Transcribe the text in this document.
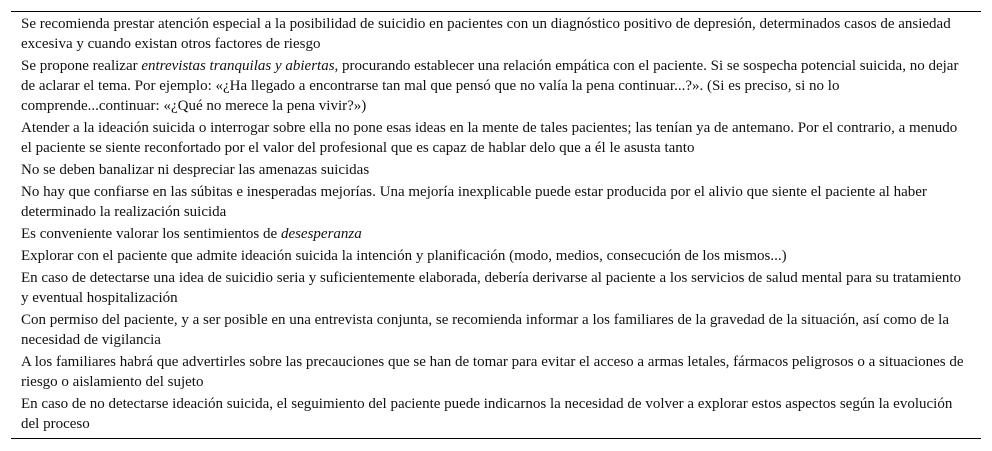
Se recomienda prestar atención especial a la posibilidad de suicidio en pacientes con un diagnóstico positivo de depresión, determinados casos de ansiedad excesiva y cuando existan otros factores de riesgo
Se propone realizar entrevistas tranquilas y abiertas, procurando establecer una relación empática con el paciente. Si se sospecha potencial suicida, no dejar de aclarar el tema. Por ejemplo: «¿Ha llegado a encontrarse tan mal que pensó que no valía la pena continuar...?». (Si es preciso, si no lo comprende...continuar: «¿Qué no merece la pena vivir?»)
Atender a la ideación suicida o interrogar sobre ella no pone esas ideas en la mente de tales pacientes; las tenían ya de antemano. Por el contrario, a menudo el paciente se siente reconfortado por el valor del profesional que es capaz de hablar delo que a él le asusta tanto
No se deben banalizar ni despreciar las amenazas suicidas
No hay que confiarse en las súbitas e inesperadas mejorías. Una mejoría inexplicable puede estar producida por el alivio que siente el paciente al haber determinado la realización suicida
Es conveniente valorar los sentimientos de desesperanza
Explorar con el paciente que admite ideación suicida la intención y planificación (modo, medios, consecución de los mismos...)
En caso de detectarse una idea de suicidio seria y suficientemente elaborada, debería derivarse al paciente a los servicios de salud mental para su tratamiento y eventual hospitalización
Con permiso del paciente, y a ser posible en una entrevista conjunta, se recomienda informar a los familiares de la gravedad de la situación, así como de la necesidad de vigilancia
A los familiares habrá que advertirles sobre las precauciones que se han de tomar para evitar el acceso a armas letales, fármacos peligrosos o a situaciones de riesgo o aislamiento del sujeto
En caso de no detectarse ideación suicida, el seguimiento del paciente puede indicarnos la necesidad de volver a explorar estos aspectos según la evolución del proceso
